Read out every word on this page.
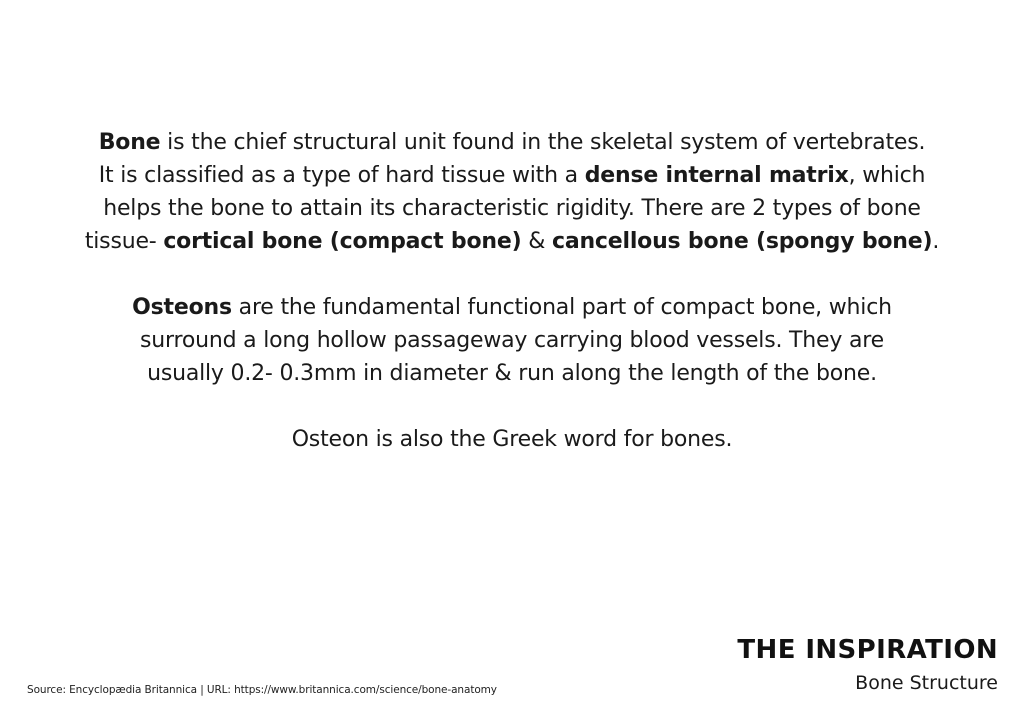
Bone is the chief structural unit found in the skeletal system of vertebrates.
It is classified as a type of hard tissue with a dense internal matrix, which
helps the bone to attain its characteristic rigidity. There are 2 types of bone
tissue- cortical bone (compact bone) & cancellous bone (spongy bone).

Osteons are the fundamental functional part of compact bone, which
surround a long hollow passageway carrying blood vessels. They are
usually 0.2- 0.3mm in diameter & run along the length of the bone.

Osteon is also the Greek word for bones.

THE INSPIRATION
Bone Structure
Source: Encyclopædia Britannica | URL: https://www.britannica.com/science/bone-anatomy
